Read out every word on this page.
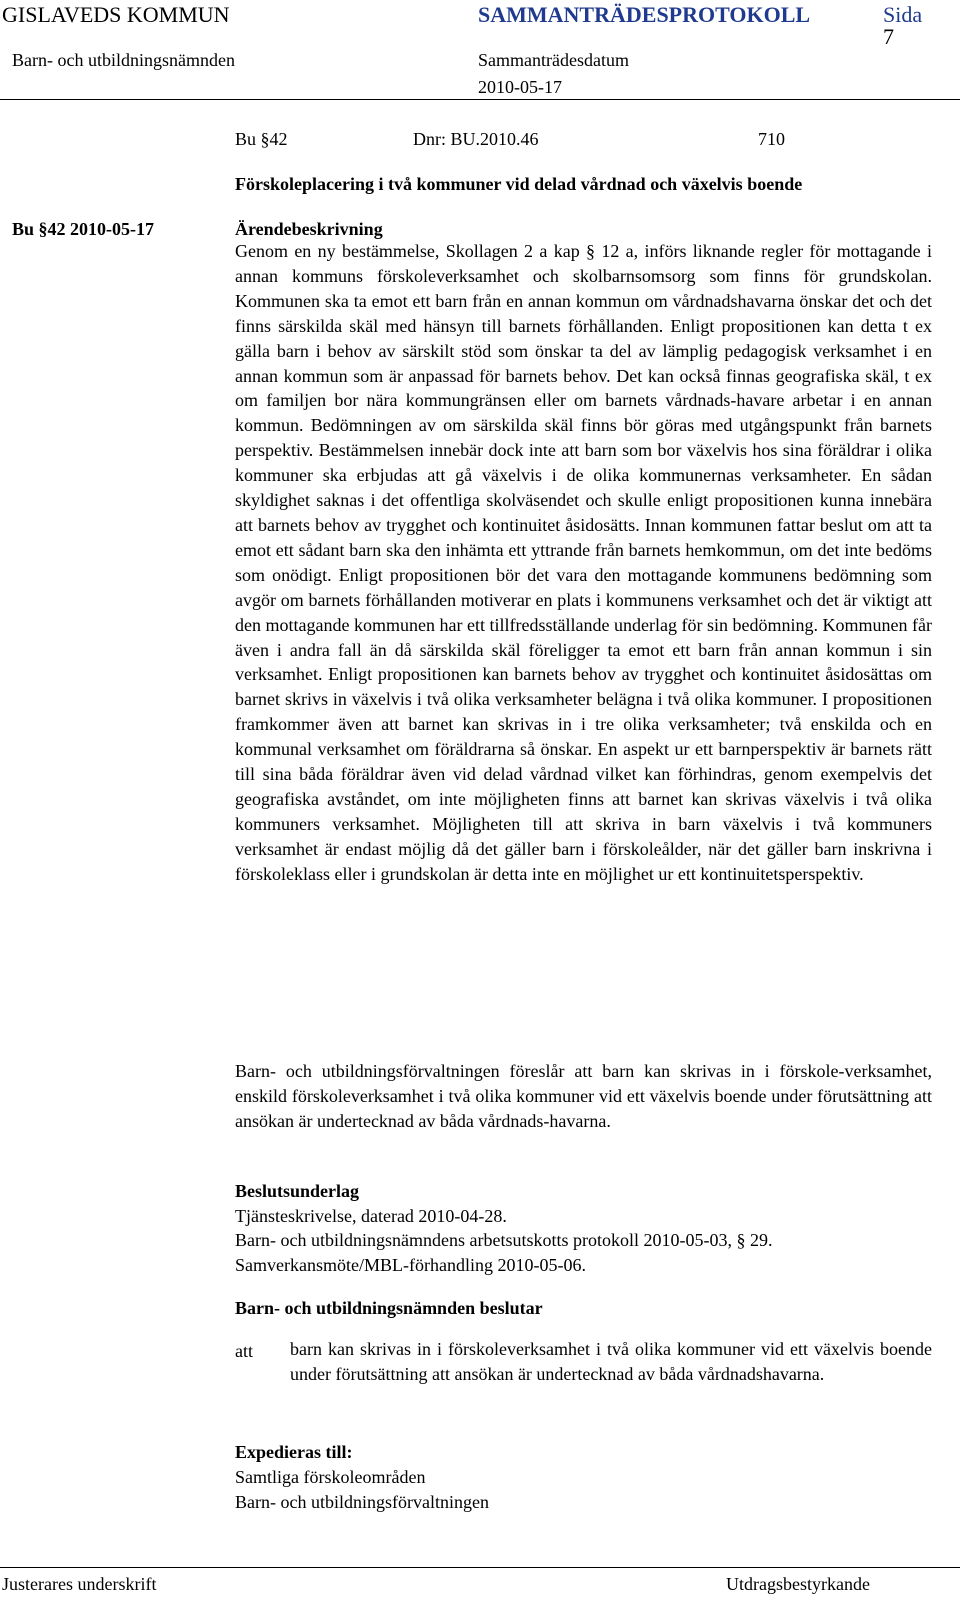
GISLAVEDS KOMMUN	SAMMANTRÄDESPROTOKOLL	Sida
7
Barn- och utbildningsnämnden	Sammanträdesdatum
2010-05-17
Bu §42	Dnr: BU.2010.46	710
Förskoleplacering i två kommuner vid delad vårdnad och växelvis boende
Bu §42 2010-05-17	Ärendebeskrivning

Genom en ny bestämmelse, Skollagen 2 a kap § 12 a, införs liknande regler för mottagande i annan kommuns förskoleverksamhet och skolbarnsomsorg som finns för grundskolan. Kommunen ska ta emot ett barn från en annan kommun om vårdnadshavarna önskar det och det finns särskilda skäl med hänsyn till barnets förhållanden. Enligt propositionen kan detta t ex gälla barn i behov av särskilt stöd som önskar ta del av lämplig pedagogisk verksamhet i en annan kommun som är anpassad för barnets behov. Det kan också finnas geografiska skäl, t ex om familjen bor nära kommungränsen eller om barnets vårdnads-havare arbetar i en annan kommun. Bedömningen av om särskilda skäl finns bör göras med utgångspunkt från barnets perspektiv. Bestämmelsen innebär dock inte att barn som bor växelvis hos sina föräldrar i olika kommuner ska erbjudas att gå växelvis i de olika kommunernas verksamheter. En sådan skyldighet saknas i det offentliga skolväsendet och skulle enligt propositionen kunna innebära att barnets behov av trygghet och kontinuitet åsidosätts. Innan kommunen fattar beslut om att ta emot ett sådant barn ska den inhämta ett yttrande från barnets hemkommun, om det inte bedöms som onödigt. Enligt propositionen bör det vara den mottagande kommunens bedömning som avgör om barnets förhållanden motiverar en plats i kommunens verksamhet och det är viktigt att den mottagande kommunen har ett tillfredsställande underlag för sin bedömning. Kommunen får även i andra fall än då särskilda skäl föreligger ta emot ett barn från annan kommun i sin verksamhet. Enligt propositionen kan barnets behov av trygghet och kontinuitet åsidosättas om barnet skrivs in växelvis i två olika verksamheter belägna i två olika kommuner. I propositionen framkommer även att barnet kan skrivas in i tre olika verksamheter; två enskilda och en kommunal verksamhet om föräldrarna så önskar. En aspekt ur ett barnperspektiv är barnets rätt till sina båda föräldrar även vid delad vårdnad vilket kan förhindras, genom exempelvis det geografiska avståndet, om inte möjligheten finns att barnet kan skrivas växelvis i två olika kommuners verksamhet. Möjligheten till att skriva in barn växelvis i två kommuners verksamhet är endast möjlig då det gäller barn i förskoleålder, när det gäller barn inskrivna i förskoleklass eller i grundskolan är detta inte en möjlighet ur ett kontinuitetsperspektiv.

Barn- och utbildningsförvaltningen föreslår att barn kan skrivas in i förskole-verksamhet, enskild förskoleverksamhet i två olika kommuner vid ett växelvis boende under förutsättning att ansökan är undertecknad av båda vårdnads-havarna.

Beslutsunderlag
Tjänsteskrivelse, daterad 2010-04-28.
Barn- och utbildningsnämndens arbetsutskotts protokoll 2010-05-03, § 29.
Samverkansmöte/MBL-förhandling 2010-05-06.
Barn- och utbildningsnämnden beslutar
att barn kan skrivas in i förskoleverksamhet i två olika kommuner vid ett växelvis boende under förutsättning att ansökan är undertecknad av båda vårdnadshavarna.

Expedieras till:
Samtliga förskoleområden
Barn- och utbildningsförvaltningen
Justerares underskrift	Utdragsbestyrkande
